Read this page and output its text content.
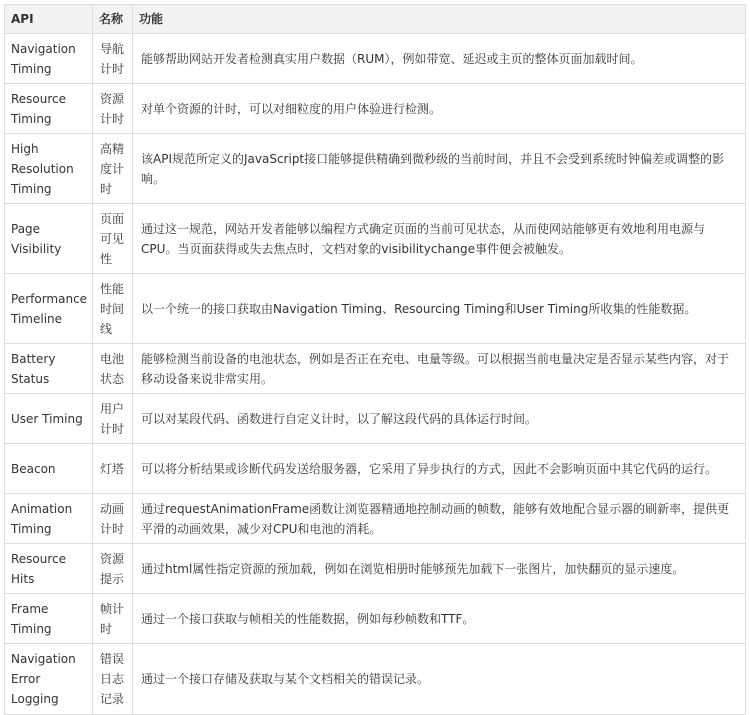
API	名称	功能
Navigation Timing	导航计时	能够帮助网站开发者检测真实用户数据（RUM），例如带宽、延迟或主页的整体页面加载时间。
Resource Timing	资源计时	对单个资源的计时，可以对细粒度的用户体验进行检测。
High Resolution Timing	高精度计时	该API规范所定义的JavaScript接口能够提供精确到微秒级的当前时间，并且不会受到系统时钟偏差或调整的影响。
Page Visibility	页面可见性	通过这一规范，网站开发者能够以编程方式确定页面的当前可见状态，从而使网站能够更有效地利用电源与CPU。当页面获得或失去焦点时，文档对象的visibilitychange事件便会被触发。
Performance Timeline	性能时间线	以一个统一的接口获取由Navigation Timing、Resourcing Timing和User Timing所收集的性能数据。
Battery Status	电池状态	能够检测当前设备的电池状态，例如是否正在充电、电量等级。可以根据当前电量决定是否显示某些内容，对于移动设备来说非常实用。
User Timing	用户计时	可以对某段代码、函数进行自定义计时，以了解这段代码的具体运行时间。
Beacon	灯塔	可以将分析结果或诊断代码发送给服务器，它采用了异步执行的方式，因此不会影响页面中其它代码的运行。
Animation Timing	动画计时	通过requestAnimationFrame函数让浏览器精通地控制动画的帧数，能够有效地配合显示器的刷新率，提供更平滑的动画效果，减少对CPU和电池的消耗。
Resource Hits	资源提示	通过html属性指定资源的预加载，例如在浏览相册时能够预先加载下一张图片，加快翻页的显示速度。
Frame Timing	帧计时	通过一个接口获取与帧相关的性能数据，例如每秒帧数和TTF。
Navigation Error Logging	错误日志记录	通过一个接口存储及获取与某个文档相关的错误记录。
